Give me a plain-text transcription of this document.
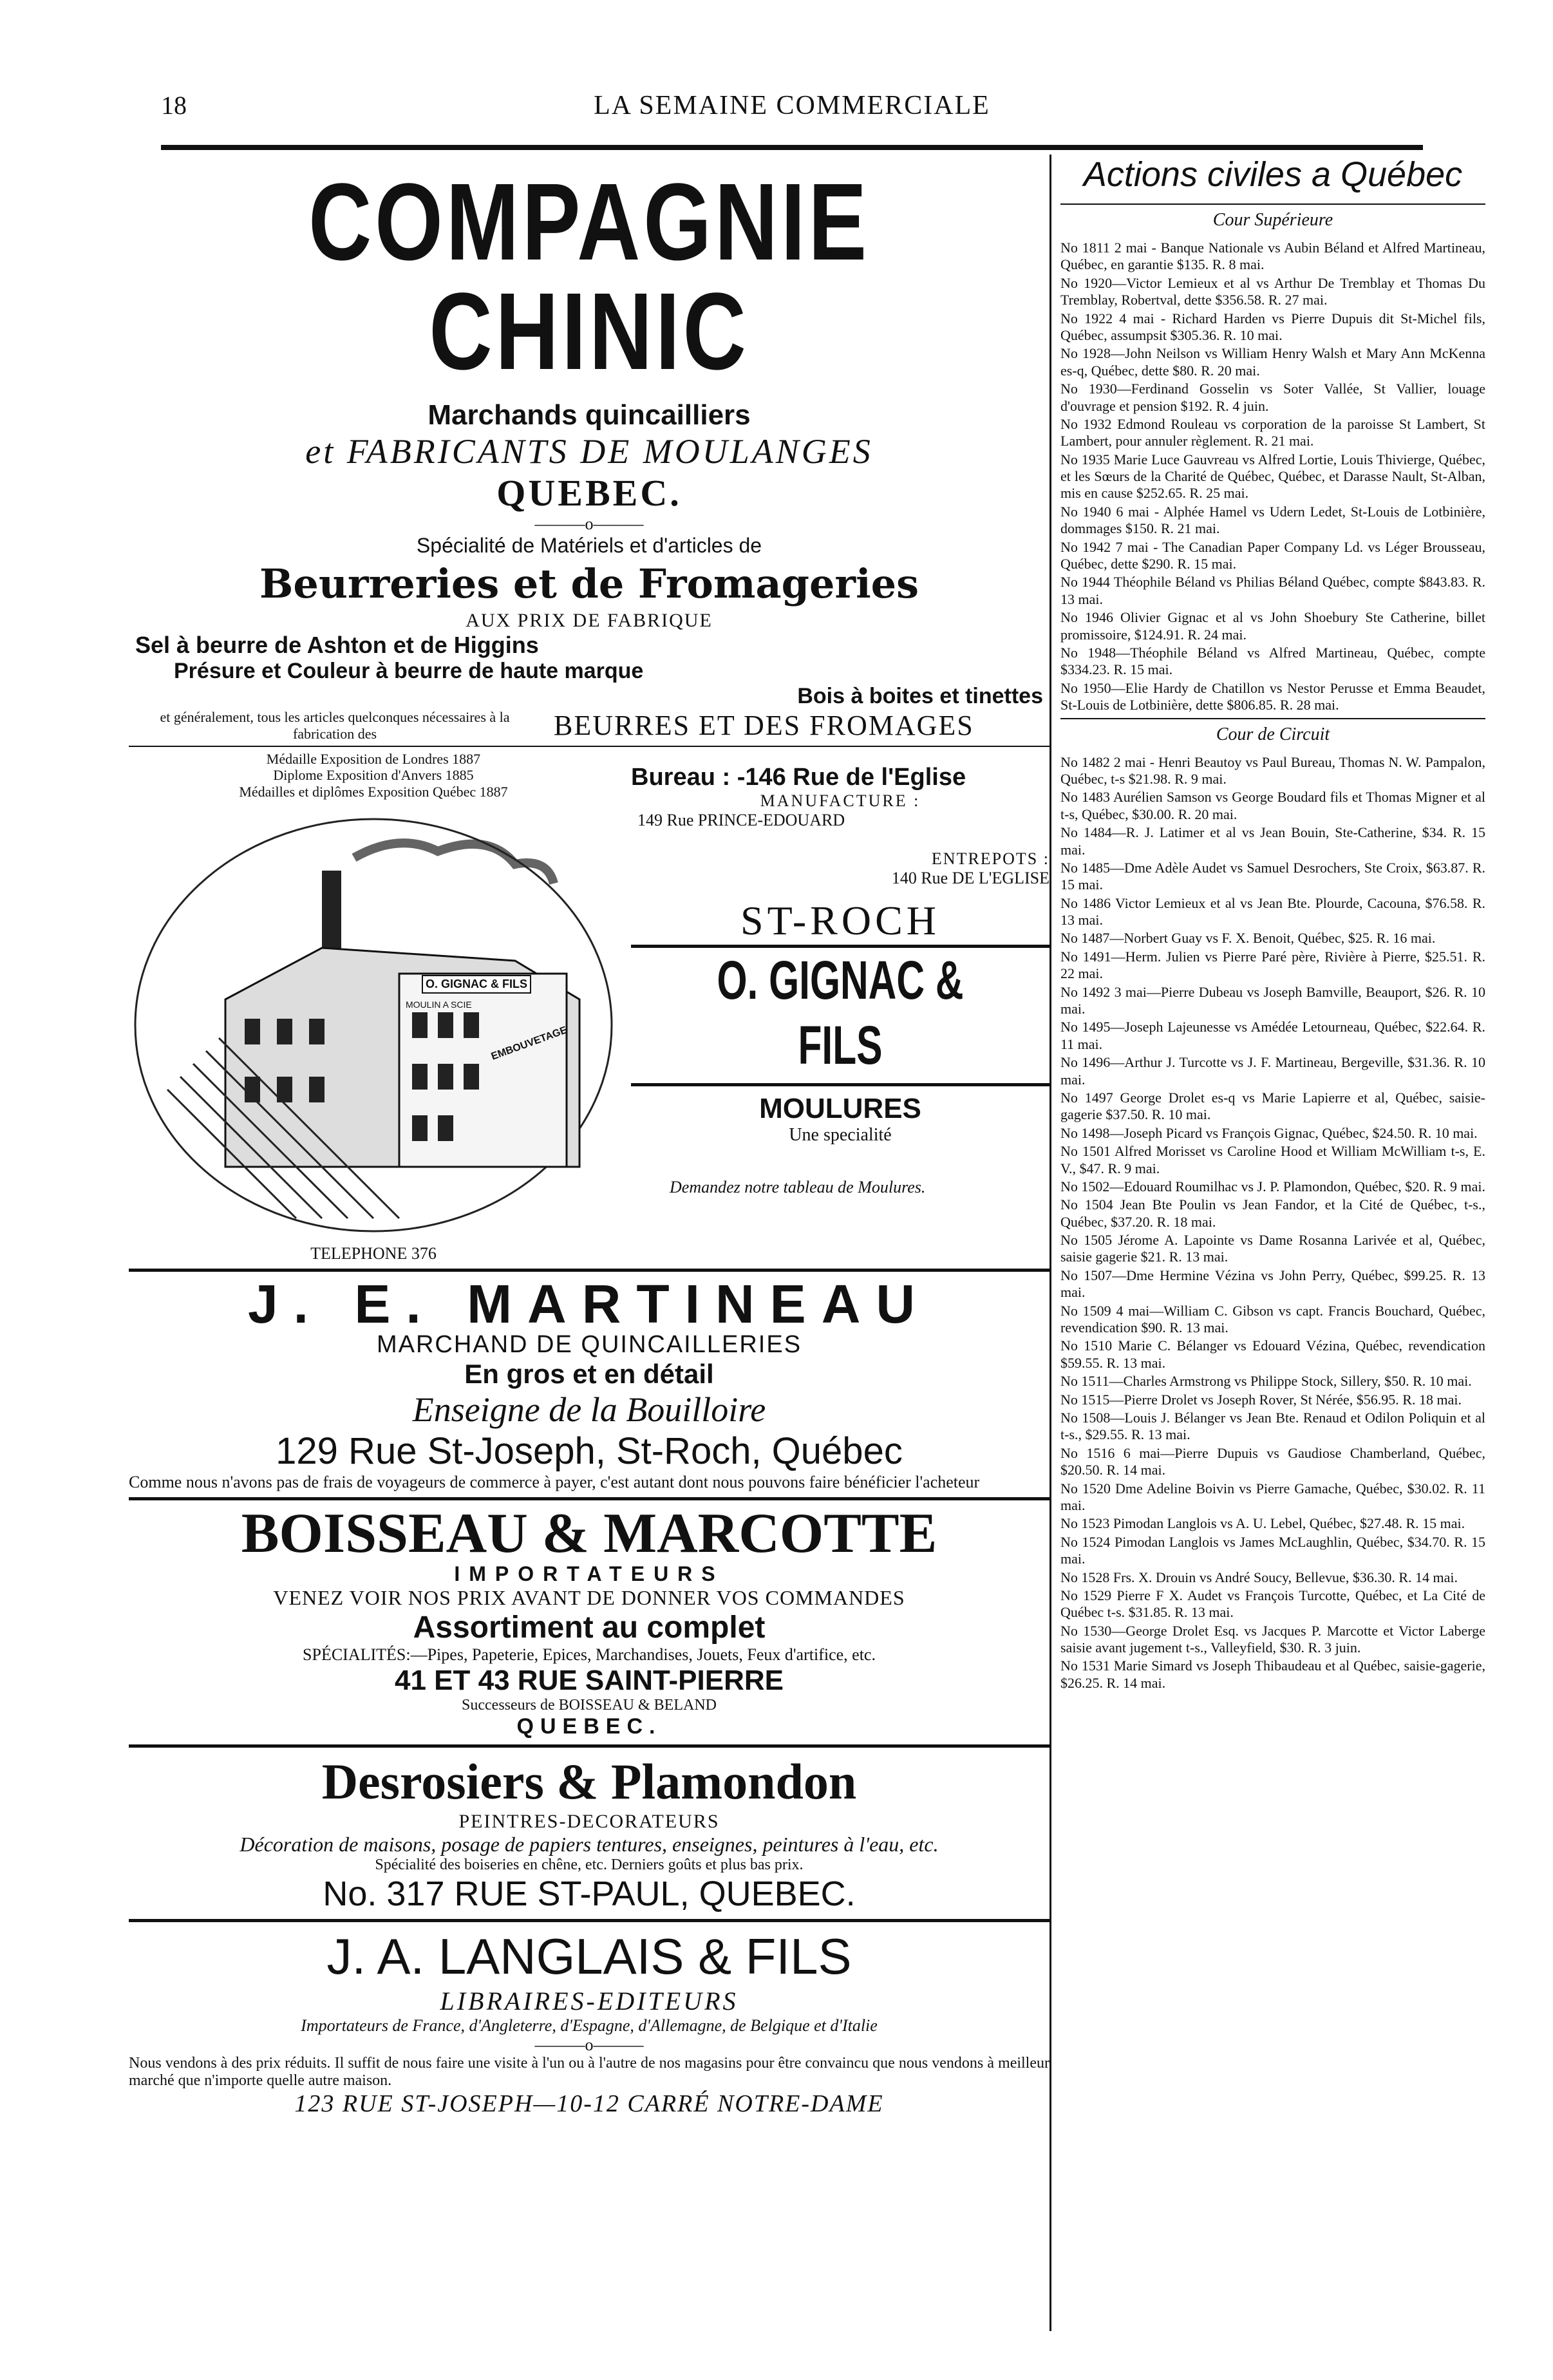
18	LA SEMAINE COMMERCIALE
COMPAGNIE CHINIC
Marchands quincailliers
et FABRICANTS DE MOULANGES
QUEBEC.
———o———
Spécialité de Matériels et d'articles de
Beurreries et de Fromageries
AUX PRIX DE FABRIQUE
Sel à beurre de Ashton et de Higgins
Présure et Couleur à beurre de haute marque
Bois à boites et tinettes
et généralement, tous les articles quelconques nécessaires à la fabrication des	BEURRES ET DES FROMAGES
Médaille Exposition de Londres 1887
Diplome Exposition d'Anvers 1885
Médailles et diplômes Exposition Québec 1887
O. GIGNAC & FILS
MOULIN A SCIE
EMBOUVETAGE
TELEPHONE 376
Bureau : -146 Rue de l'Eglise
MANUFACTURE :
149 Rue PRINCE-EDOUARD
ENTREPOTS :
140 Rue DE L'EGLISE
ST-ROCH
O. GIGNAC & FILS
MOULURES
Une specialité
Demandez notre tableau de Moulures.
J. E. MARTINEAU
MARCHAND DE QUINCAILLERIES
En gros et en détail
Enseigne de la Bouilloire
129 Rue St-Joseph, St-Roch, Québec
Comme nous n'avons pas de frais de voyageurs de commerce à payer, c'est autant dont nous pouvons faire bénéficier l'acheteur
BOISSEAU & MARCOTTE
IMPORTATEURS
VENEZ VOIR NOS PRIX AVANT DE DONNER VOS COMMANDES
Assortiment au complet
SPÉCIALITÉS:—Pipes, Papeterie, Epices, Marchandises, Jouets, Feux d'artifice, etc.
41 ET 43 RUE SAINT-PIERRE
Successeurs de BOISSEAU & BELAND
QUEBEC.
Desrosiers & Plamondon
PEINTRES-DECORATEURS
Décoration de maisons, posage de papiers tentures, enseignes, peintures à l'eau, etc.
Spécialité des boiseries en chêne, etc. Derniers goûts et plus bas prix.
No. 317 RUE ST-PAUL, QUEBEC.
J. A. LANGLAIS & FILS
LIBRAIRES-EDITEURS
Importateurs de France, d'Angleterre, d'Espagne, d'Allemagne, de Belgique et d'Italie
———o———
Nous vendons à des prix réduits. Il suffit de nous faire une visite à l'un ou à l'autre de nos magasins pour être convaincu que nous vendons à meilleur marché que n'importe quelle autre maison.
123 RUE ST-JOSEPH—10-12 CARRÉ NOTRE-DAME
Actions civiles a Québec
Cour Supérieure
No 1811 2 mai - Banque Nationale vs Aubin Béland et Alfred Martineau, Québec, en garantie $135. R. 8 mai.
No 1920—Victor Lemieux et al vs Arthur De Tremblay et Thomas Du Tremblay, Robertval, dette $356.58. R. 27 mai.
No 1922 4 mai - Richard Harden vs Pierre Dupuis dit St-Michel fils, Québec, assumpsit $305.36. R. 10 mai.
No 1928—John Neilson vs William Henry Walsh et Mary Ann McKenna es-q, Québec, dette $80. R. 20 mai.
No 1930—Ferdinand Gosselin vs Soter Vallée, St Vallier, louage d'ouvrage et pension $192. R. 4 juin.
No 1932 Edmond Rouleau vs corporation de la paroisse St Lambert, St Lambert, pour annuler règlement. R. 21 mai.
No 1935 Marie Luce Gauvreau vs Alfred Lortie, Louis Thivierge, Québec, et les Sœurs de la Charité de Québec, Québec, et Darasse Nault, St-Alban, mis en cause $252.65. R. 25 mai.
No 1940 6 mai - Alphée Hamel vs Udern Ledet, St-Louis de Lotbinière, dommages $150. R. 21 mai.
No 1942 7 mai - The Canadian Paper Company Ld. vs Léger Brousseau, Québec, dette $290. R. 15 mai.
No 1944 Théophile Béland vs Philias Béland Québec, compte $843.83. R. 13 mai.
No 1946 Olivier Gignac et al vs John Shoebury Ste Catherine, billet promissoire, $124.91. R. 24 mai.
No 1948—Théophile Béland vs Alfred Martineau, Québec, compte $334.23. R. 15 mai.
No 1950—Elie Hardy de Chatillon vs Nestor Perusse et Emma Beaudet, St-Louis de Lotbinière, dette $806.85. R. 28 mai.
Cour de Circuit
No 1482 2 mai - Henri Beautoy vs Paul Bureau, Thomas N. W. Pampalon, Québec, t-s $21.98. R. 9 mai.
No 1483 Aurélien Samson vs George Boudard fils et Thomas Migner et al t-s, Québec, $30.00. R. 20 mai.
No 1484—R. J. Latimer et al vs Jean Bouin, Ste-Catherine, $34. R. 15 mai.
No 1485—Dme Adèle Audet vs Samuel Desrochers, Ste Croix, $63.87. R. 15 mai.
No 1486 Victor Lemieux et al vs Jean Bte. Plourde, Cacouna, $76.58. R. 13 mai.
No 1487—Norbert Guay vs F. X. Benoit, Québec, $25. R. 16 mai.
No 1491—Herm. Julien vs Pierre Paré père, Rivière à Pierre, $25.51. R. 22 mai.
No 1492 3 mai—Pierre Dubeau vs Joseph Bamville, Beauport, $26. R. 10 mai.
No 1495—Joseph Lajeunesse vs Amédée Letourneau, Québec, $22.64. R. 11 mai.
No 1496—Arthur J. Turcotte vs J. F. Martineau, Bergeville, $31.36. R. 10 mai.
No 1497 George Drolet es-q vs Marie Lapierre et al, Québec, saisie-gagerie $37.50. R. 10 mai.
No 1498—Joseph Picard vs François Gignac, Québec, $24.50. R. 10 mai.
No 1501 Alfred Morisset vs Caroline Hood et William McWilliam t-s, E. V., $47. R. 9 mai.
No 1502—Edouard Roumilhac vs J. P. Plamondon, Québec, $20. R. 9 mai.
No 1504 Jean Bte Poulin vs Jean Fandor, et la Cité de Québec, t-s., Québec, $37.20. R. 18 mai.
No 1505 Jérome A. Lapointe vs Dame Rosanna Larivée et al, Québec, saisie gagerie $21. R. 13 mai.
No 1507—Dme Hermine Vézina vs John Perry, Québec, $99.25. R. 13 mai.
No 1509 4 mai—William C. Gibson vs capt. Francis Bouchard, Québec, revendication $90. R. 13 mai.
No 1510 Marie C. Bélanger vs Edouard Vézina, Québec, revendication $59.55. R. 13 mai.
No 1511—Charles Armstrong vs Philippe Stock, Sillery, $50. R. 10 mai.
No 1515—Pierre Drolet vs Joseph Rover, St Nérée, $56.95. R. 18 mai.
No 1508—Louis J. Bélanger vs Jean Bte. Renaud et Odilon Poliquin et al t-s., $29.55. R. 13 mai.
No 1516 6 mai—Pierre Dupuis vs Gaudiose Chamberland, Québec, $20.50. R. 14 mai.
No 1520 Dme Adeline Boivin vs Pierre Gamache, Québec, $30.02. R. 11 mai.
No 1523 Pimodan Langlois vs A. U. Lebel, Québec, $27.48. R. 15 mai.
No 1524 Pimodan Langlois vs James McLaughlin, Québec, $34.70. R. 15 mai.
No 1528 Frs. X. Drouin vs André Soucy, Bellevue, $36.30. R. 14 mai.
No 1529 Pierre F X. Audet vs François Turcotte, Québec, et La Cité de Québec t-s. $31.85. R. 13 mai.
No 1530—George Drolet Esq. vs Jacques P. Marcotte et Victor Laberge saisie avant jugement t-s., Valleyfield, $30. R. 3 juin.
No 1531 Marie Simard vs Joseph Thibaudeau et al Québec, saisie-gagerie, $26.25. R. 14 mai.
